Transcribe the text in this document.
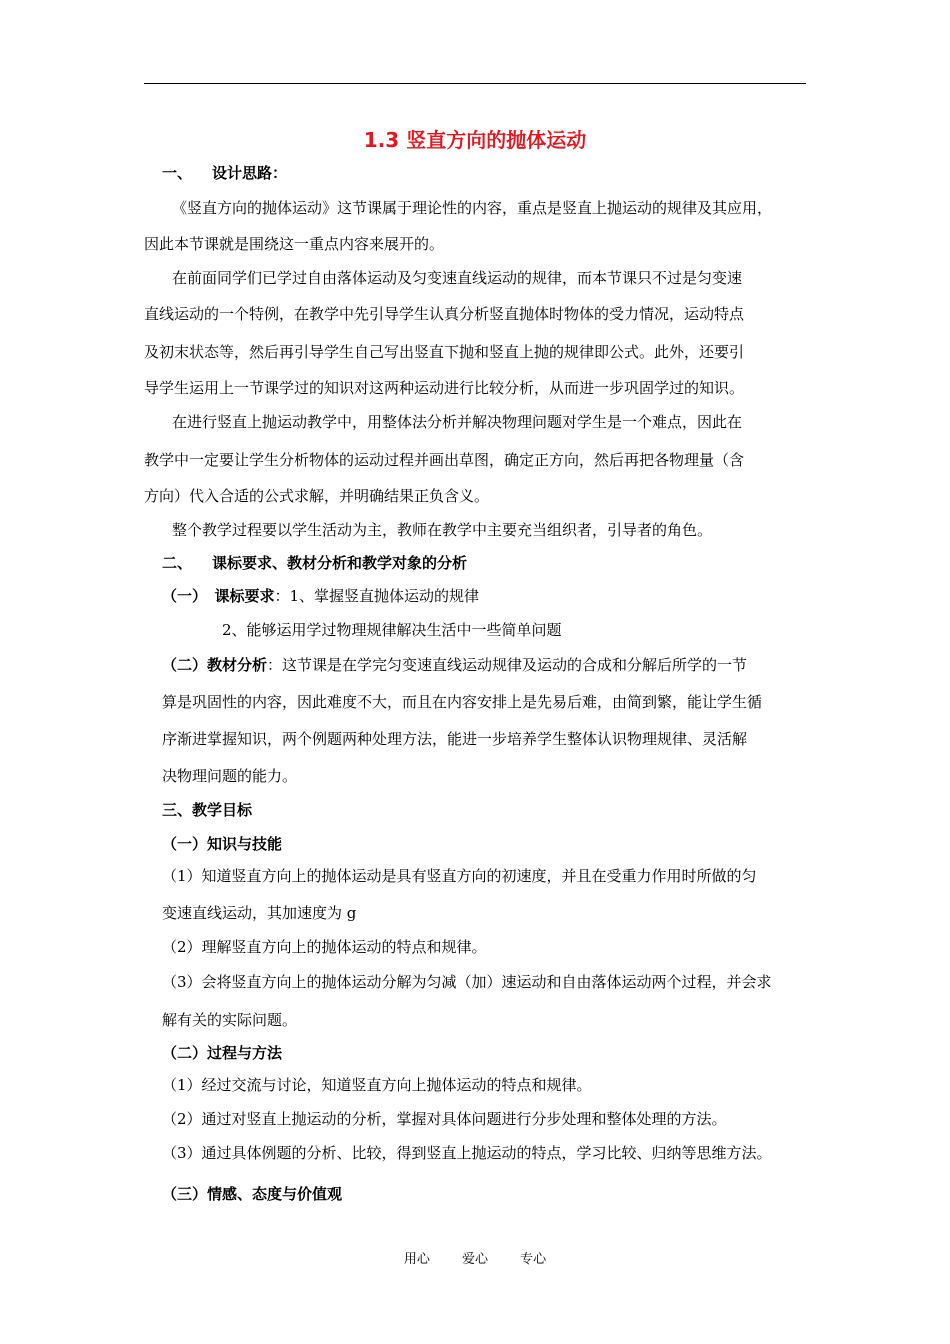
1.3 竖直方向的抛体运动
一、 设计思路：
《竖直方向的抛体运动》这节课属于理论性的内容，重点是竖直上抛运动的规律及其应用，
因此本节课就是围绕这一重点内容来展开的。
在前面同学们已学过自由落体运动及匀变速直线运动的规律，而本节课只不过是匀变速
直线运动的一个特例，在教学中先引导学生认真分析竖直抛体时物体的受力情况，运动特点
及初末状态等，然后再引导学生自己写出竖直下抛和竖直上抛的规律即公式。此外，还要引
导学生运用上一节课学过的知识对这两种运动进行比较分析，从而进一步巩固学过的知识。
在进行竖直上抛运动教学中，用整体法分析并解决物理问题对学生是一个难点，因此在
教学中一定要让学生分析物体的运动过程并画出草图，确定正方向，然后再把各物理量（含
方向）代入合适的公式求解，并明确结果正负含义。
整个教学过程要以学生活动为主，教师在教学中主要充当组织者，引导者的角色。
二、 课标要求、教材分析和教学对象的分析
（一）　课标要求：1、掌握竖直抛体运动的规律
2、能够运用学过物理规律解决生活中一些简单问题
（二）教材分析：这节课是在学完匀变速直线运动规律及运动的合成和分解后所学的一节
算是巩固性的内容，因此难度不大，而且在内容安排上是先易后难，由简到繁，能让学生循
序渐进掌握知识，两个例题两种处理方法，能进一步培养学生整体认识物理规律、灵活解
决物理问题的能力。
三、教学目标
（一）知识与技能
（1）知道竖直方向上的抛体运动是具有竖直方向的初速度，并且在受重力作用时所做的匀
变速直线运动，其加速度为 g
（2）理解竖直方向上的抛体运动的特点和规律。
（3）会将竖直方向上的抛体运动分解为匀减（加）速运动和自由落体运动两个过程，并会求
解有关的实际问题。
（二）过程与方法
（1）经过交流与讨论，知道竖直方向上抛体运动的特点和规律。
（2）通过对竖直上抛运动的分析，掌握对具体问题进行分步处理和整体处理的方法。
（3）通过具体例题的分析、比较，得到竖直上抛运动的特点，学习比较、归纳等思维方法。
（三）情感、态度与价值观
用心 爱心 专心
